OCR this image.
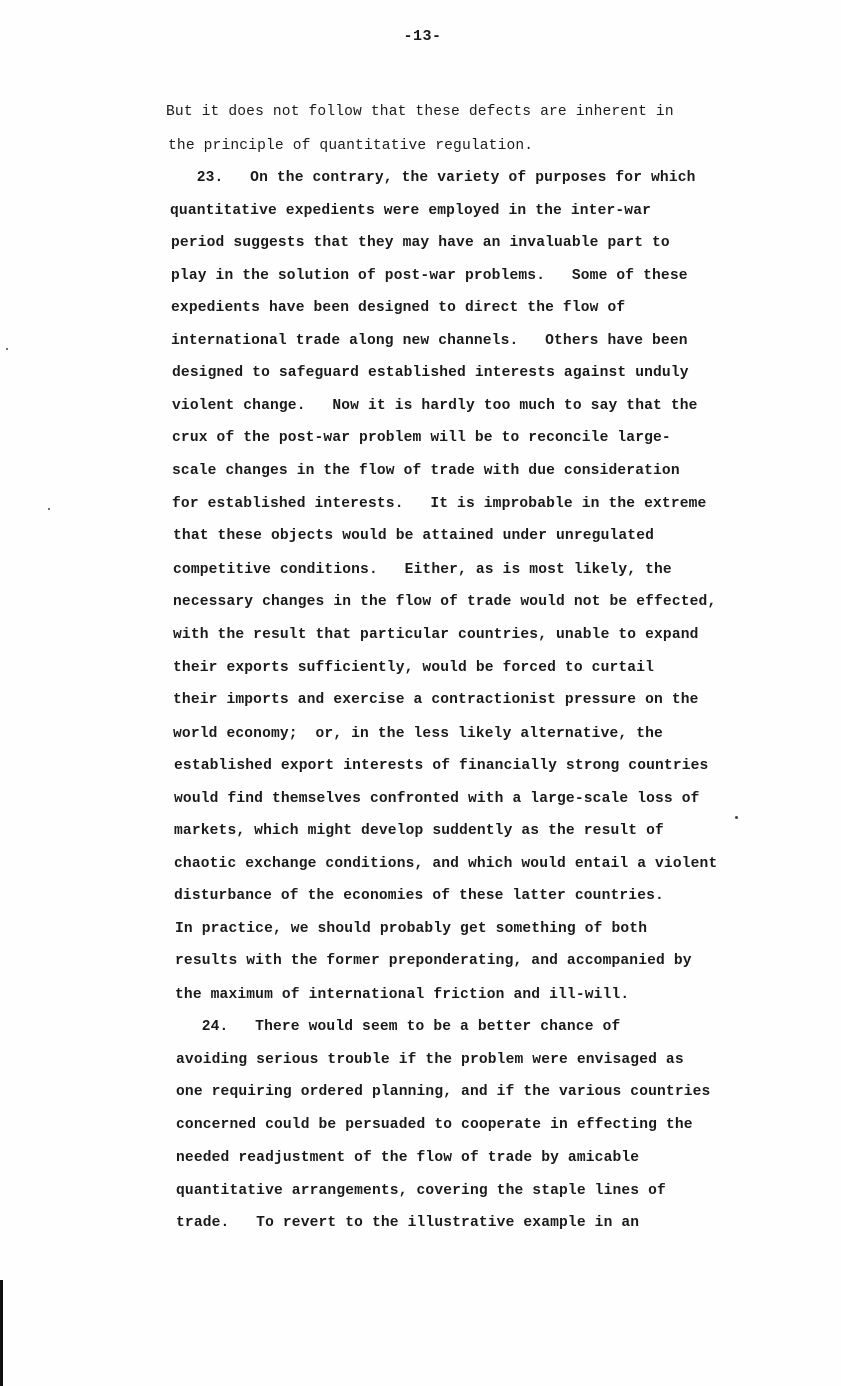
-13-
But it does not follow that these defects are inherent in
the principle of quantitative regulation.
23.   On the contrary, the variety of purposes for which
quantitative expedients were employed in the inter-war
period suggests that they may have an invaluable part to
play in the solution of post-war problems.   Some of these
expedients have been designed to direct the flow of
international trade along new channels.   Others have been
designed to safeguard established interests against unduly
violent change.   Now it is hardly too much to say that the
crux of the post-war problem will be to reconcile large-
scale changes in the flow of trade with due consideration
for established interests.   It is improbable in the extreme
that these objects would be attained under unregulated
competitive conditions.   Either, as is most likely, the
necessary changes in the flow of trade would not be effected,
with the result that particular countries, unable to expand
their exports sufficiently, would be forced to curtail
their imports and exercise a contractionist pressure on the
world economy;  or, in the less likely alternative, the
established export interests of financially strong countries
would find themselves confronted with a large-scale loss of
markets, which might develop suddently as the result of
chaotic exchange conditions, and which would entail a violent
disturbance of the economies of these latter countries.
In practice, we should probably get something of both
results with the former preponderating, and accompanied by
the maximum of international friction and ill-will.
24.   There would seem to be a better chance of
avoiding serious trouble if the problem were envisaged as
one requiring ordered planning, and if the various countries
concerned could be persuaded to cooperate in effecting the
needed readjustment of the flow of trade by amicable
quantitative arrangements, covering the staple lines of
trade.   To revert to the illustrative example in an
